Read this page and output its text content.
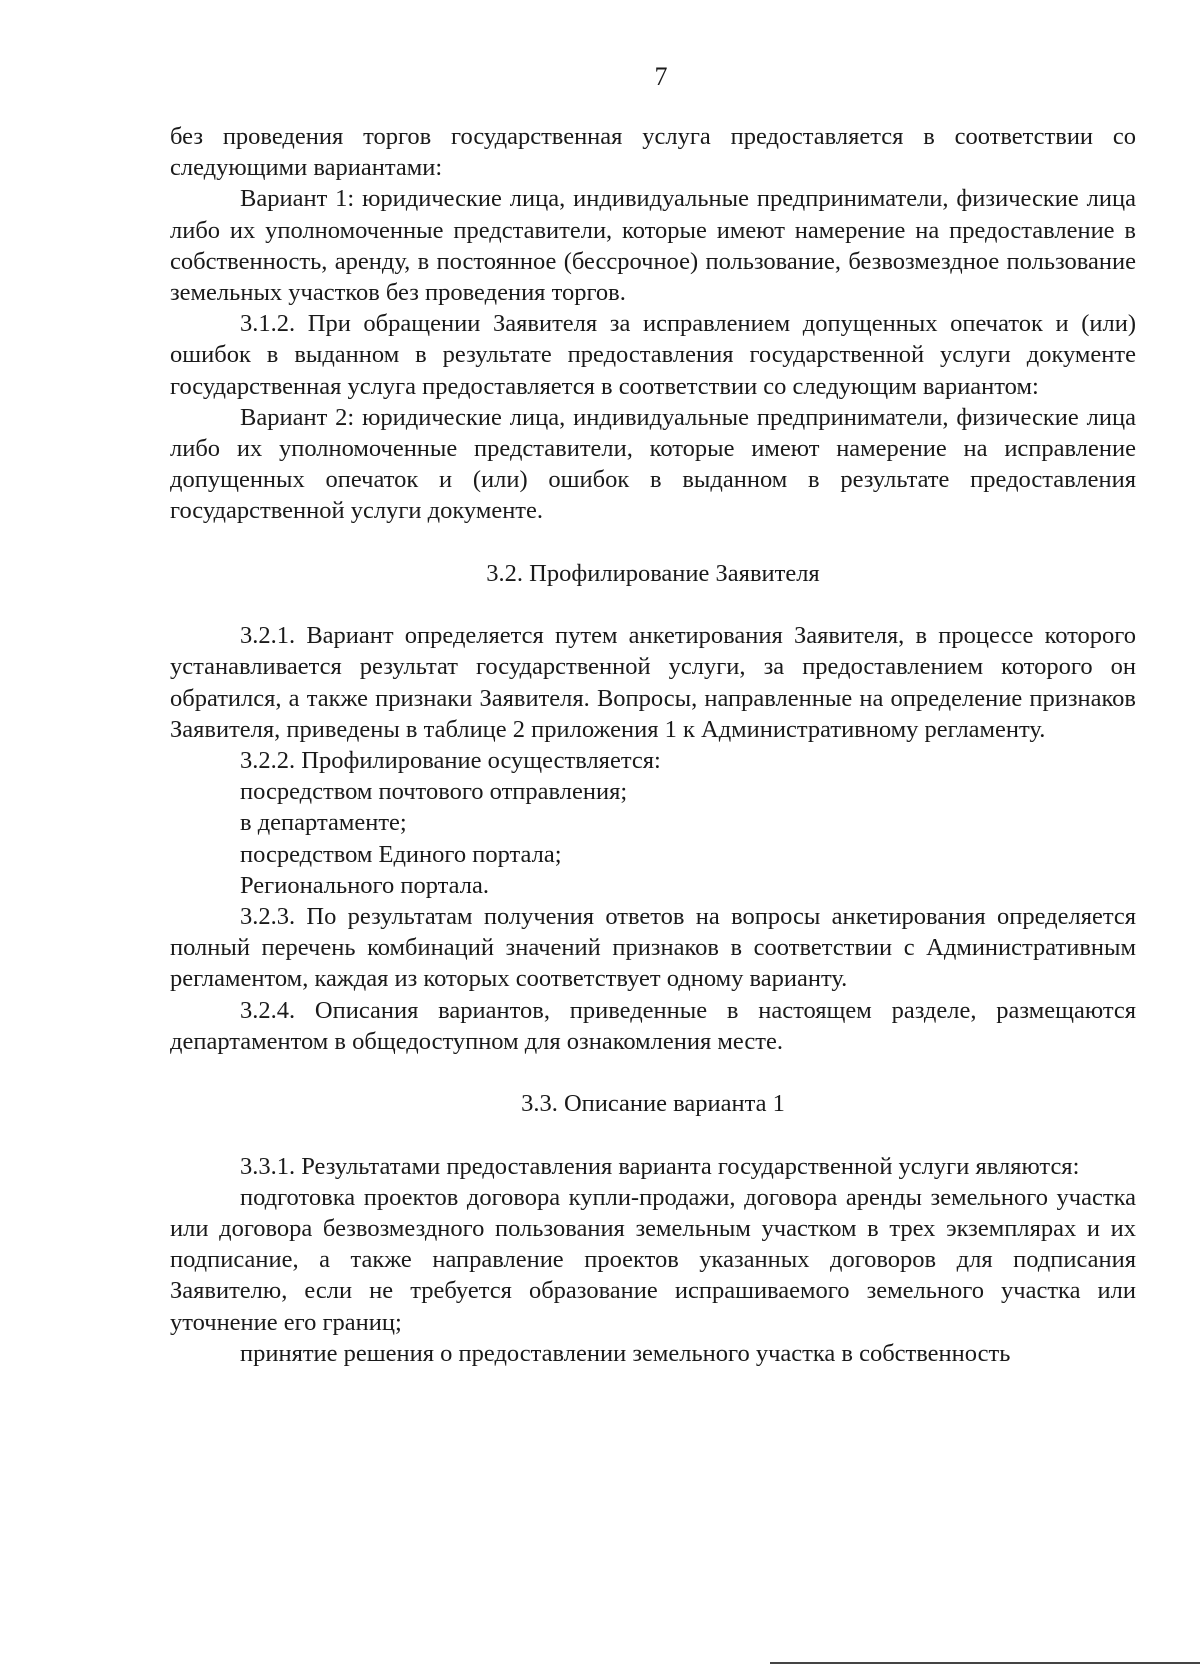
7

без проведения торгов государственная услуга предоставляется в соответствии со следующими вариантами:

Вариант 1: юридические лица, индивидуальные предприниматели, физические лица либо их уполномоченные представители, которые имеют намерение на предоставление в собственность, аренду, в постоянное (бессрочное) пользование, безвозмездное пользование земельных участков без проведения торгов.

3.1.2. При обращении Заявителя за исправлением допущенных опечаток и (или) ошибок в выданном в результате предоставления государственной услуги документе государственная услуга предоставляется в соответствии со следующим вариантом:

Вариант 2: юридические лица, индивидуальные предприниматели, физические лица либо их уполномоченные представители, которые имеют намерение на исправление допущенных опечаток и (или) ошибок в выданном в результате предоставления государственной услуги документе.

3.2. Профилирование Заявителя

3.2.1. Вариант определяется путем анкетирования Заявителя, в процессе которого устанавливается результат государственной услуги, за предоставлением которого он обратился, а также признаки Заявителя. Вопросы, направленные на определение признаков Заявителя, приведены в таблице 2 приложения 1 к Административному регламенту.

3.2.2. Профилирование осуществляется:

посредством почтового отправления;

в департаменте;

посредством Единого портала;

Регионального портала.

3.2.3. По результатам получения ответов на вопросы анкетирования определяется полный перечень комбинаций значений признаков в соответствии с Административным регламентом, каждая из которых соответствует одному варианту.

3.2.4. Описания вариантов, приведенные в настоящем разделе, размещаются департаментом в общедоступном для ознакомления месте.

3.3. Описание варианта 1

3.3.1. Результатами предоставления варианта государственной услуги являются:

подготовка проектов договора купли-продажи, договора аренды земельного участка или договора безвозмездного пользования земельным участком в трех экземплярах и их подписание, а также направление проектов указанных договоров для подписания Заявителю, если не требуется образование испрашиваемого земельного участка или уточнение его границ;

принятие решения о предоставлении земельного участка в собственность
